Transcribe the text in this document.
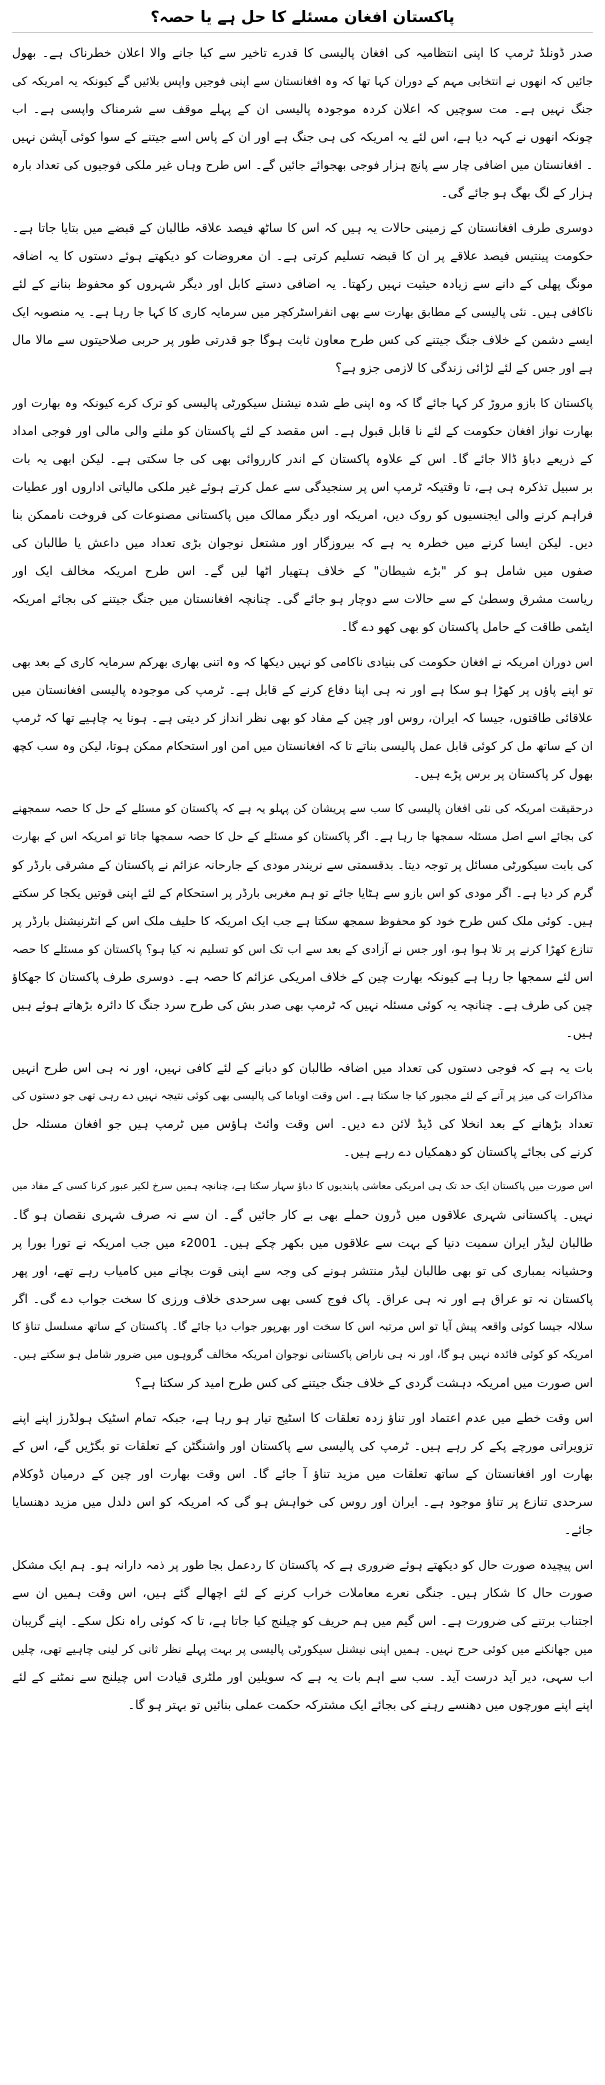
پاکستان افغان مسئلے کا حل ہے یا حصہ؟
صدر ڈونلڈ ٹرمپ کا اپنی انتظامیہ کی افغان پالیسی کا قدرے تاخیر سے کیا جانے والا اعلان خطرناک ہے۔ بھول
جائیں کہ انھوں نے انتخابی مہم کے دوران کہا تھا کہ وہ افغانستان سے اپنی فوجیں واپس بلائیں گے کیونکہ یہ امریکہ کی
جنگ نہیں ہے۔ مت سوچیں کہ اعلان کردہ موجودہ پالیسی ان کے پہلے موقف سے شرمناک واپسی ہے۔ اب
چونکہ انھوں نے کہہ دیا ہے، اس لئے یہ امریکہ کی ہی جنگ ہے اور ان کے پاس اسے جیتنے کے سوا کوئی آپشن نہیں
۔ افغانستان میں اضافی چار سے پانچ ہزار فوجی بھجوائے جائیں گے۔ اس طرح وہاں غیر ملکی فوجیوں کی تعداد بارہ
ہزار کے لگ بھگ ہو جائے گی۔
دوسری طرف افغانستان کے زمینی حالات یہ ہیں کہ اس کا ساٹھ فیصد علاقہ طالبان کے قبضے میں بتایا جاتا ہے۔
حکومت پینتیس فیصد علاقے پر ان کا قبضہ تسلیم کرتی ہے۔ ان معروضات کو دیکھتے ہوئے دستوں کا یہ اضافہ
مونگ پھلی کے دانے سے زیادہ حیثیت نہیں رکھتا۔ یہ اضافی دستے کابل اور دیگر شہروں کو محفوظ بنانے کے لئے
ناکافی ہیں۔ نئی پالیسی کے مطابق بھارت سے بھی انفراسٹرکچر میں سرمایہ کاری کا کہا جا رہا ہے۔ یہ منصوبہ ایک
ایسے دشمن کے خلاف جنگ جیتنے کی کس طرح معاون ثابت ہوگا جو قدرتی طور پر حربی صلاحیتوں سے مالا مال
ہے اور جس کے لئے لڑائی زندگی کا لازمی جزو ہے؟
پاکستان کا بازو مروڑ کر کہا جائے گا کہ وہ اپنی طے شدہ نیشنل سیکورٹی پالیسی کو ترک کرے کیونکہ وہ بھارت اور
بھارت نواز افغان حکومت کے لئے نا قابل قبول ہے۔ اس مقصد کے لئے پاکستان کو ملنے والی مالی اور فوجی امداد
کے ذریعے دباؤ ڈالا جائے گا۔ اس کے علاوہ پاکستان کے اندر کارروائی بھی کی جا سکتی ہے۔ لیکن ابھی یہ بات
بر سبیل تذکرہ ہی ہے، تا وقتیکہ ٹرمپ اس پر سنجیدگی سے عمل کرتے ہوئے غیر ملکی مالیاتی اداروں اور عطیات
فراہم کرنے والی ایجنسیوں کو روک دیں، امریکہ اور دیگر ممالک میں پاکستانی مصنوعات کی فروخت ناممکن بنا
دیں۔ لیکن ایسا کرنے میں خطرہ یہ ہے کہ بیروزگار اور مشتعل نوجوان بڑی تعداد میں داعش یا طالبان کی
صفوں میں شامل ہو کر "بڑے شیطان" کے خلاف ہتھیار اٹھا لیں گے۔ اس طرح امریکہ مخالف ایک اور
ریاست مشرق وسطیٰ کے سے حالات سے دوچار ہو جائے گی۔ چنانچہ افغانستان میں جنگ جیتنے کی بجائے امریکہ
ایٹمی طاقت کے حامل پاکستان کو بھی کھو دے گا۔
اس دوران امریکہ نے افغان حکومت کی بنیادی ناکامی کو نہیں دیکھا کہ وہ اتنی بھاری بھرکم سرمایہ کاری کے بعد بھی
تو اپنے پاؤں پر کھڑا ہو سکا ہے اور نہ ہی اپنا دفاع کرنے کے قابل ہے۔ ٹرمپ کی موجودہ پالیسی افغانستان میں
علاقائی طاقتوں، جیسا کہ ایران، روس اور چین کے مفاد کو بھی نظر انداز کر دیتی ہے۔ ہونا یہ چاہیے تھا کہ ٹرمپ
ان کے ساتھ مل کر کوئی قابل عمل پالیسی بناتے تا کہ افغانستان میں امن اور استحکام ممکن ہوتا، لیکن وہ سب کچھ
بھول کر پاکستان پر برس پڑے ہیں۔
درحقیقت امریکہ کی نئی افغان پالیسی کا سب سے پریشان کن پہلو یہ ہے کہ پاکستان کو مسئلے کے حل کا حصہ سمجھنے
کی بجائے اسے اصل مسئلہ سمجھا جا رہا ہے۔ اگر پاکستان کو مسئلے کے حل کا حصہ سمجھا جاتا تو امریکہ اس کے بھارت
کی بابت سیکورٹی مسائل پر توجہ دیتا۔ بدقسمتی سے نریندر مودی کے جارحانہ عزائم نے پاکستان کے مشرقی بارڈر کو
گرم کر دیا ہے۔ اگر مودی کو اس بازو سے ہٹایا جائے تو ہم مغربی بارڈر پر استحکام کے لئے اپنی قوتیں یکجا کر سکتے
ہیں۔ کوئی ملک کس طرح خود کو محفوظ سمجھ سکتا ہے جب ایک امریکہ کا حلیف ملک اس کے انٹرنیشنل بارڈر پر
تنازع کھڑا کرنے پر تلا ہوا ہو، اور جس نے آزادی کے بعد سے اب تک اس کو تسلیم نہ کیا ہو؟ پاکستان کو مسئلے کا حصہ
اس لئے سمجھا جا رہا ہے کیونکہ بھارت چین کے خلاف امریکی عزائم کا حصہ ہے۔ دوسری طرف پاکستان کا جھکاؤ
چین کی طرف ہے۔ چنانچہ یہ کوئی مسئلہ نہیں کہ ٹرمپ بھی صدر بش کی طرح سرد جنگ کا دائرہ بڑھاتے ہوئے ہیں
ہیں۔
بات یہ ہے کہ فوجی دستوں کی تعداد میں اضافہ طالبان کو دبانے کے لئے کافی نہیں، اور نہ ہی اس طرح انہیں
مذاکرات کی میز پر آنے کے لئے مجبور کیا جا سکتا ہے۔ اس وقت اوباما کی پالیسی بھی کوئی نتیجہ نہیں دے رہی تھی جو دستوں کی
تعداد بڑھانے کے بعد انخلا کی ڈیڈ لائن دے دیں۔ اس وقت وائٹ ہاؤس میں ٹرمپ ہیں جو افغان مسئلہ حل
کرنے کی بجائے پاکستان کو دھمکیاں دے رہے ہیں۔
اس صورت میں پاکستان ایک حد تک ہی امریکی معاشی پابندیوں کا دباؤ سہار سکتا ہے، چنانچہ ہمیں سرخ لکیر عبور کرنا کسی کے مفاد میں
نہیں۔ پاکستانی شہری علاقوں میں ڈرون حملے بھی بے کار جائیں گے۔ ان سے نہ صرف شہری نقصان ہو گا۔
طالبان لیڈر ایران سمیت دنیا کے بہت سے علاقوں میں بکھر چکے ہیں۔ 2001ء میں جب امریکہ نے تورا بورا پر
وحشیانہ بمباری کی تو بھی طالبان لیڈر منتشر ہونے کی وجہ سے اپنی قوت بچانے میں کامیاب رہے تھے، اور پھر
پاکستان نہ تو عراق ہے اور نہ ہی عراق۔ پاک فوج کسی بھی سرحدی خلاف ورزی کا سخت جواب دے گی۔ اگر
سلالہ جیسا کوئی واقعہ پیش آیا تو اس مرتبہ اس کا سخت اور بھرپور جواب دیا جائے گا۔ پاکستان کے ساتھ مسلسل تناؤ کا
امریکہ کو کوئی فائدہ نہیں ہو گا، اور نہ ہی ناراض پاکستانی نوجوان امریکہ مخالف گروہوں میں ضرور شامل ہو سکتے ہیں۔
اس صورت میں امریکہ دہشت گردی کے خلاف جنگ جیتنے کی کس طرح امید کر سکتا ہے؟
اس وقت خطے میں عدم اعتماد اور تناؤ زدہ تعلقات کا اسٹیج تیار ہو رہا ہے، جبکہ تمام اسٹیک ہولڈرز اپنے اپنے
تزویراتی مورچے پکے کر رہے ہیں۔ ٹرمپ کی پالیسی سے پاکستان اور واشنگٹن کے تعلقات تو بگڑیں گے، اس کے
بھارت اور افغانستان کے ساتھ تعلقات میں مزید تناؤ آ جائے گا۔ اس وقت بھارت اور چین کے درمیان ڈوکلام
سرحدی تنازع پر تناؤ موجود ہے۔ ایران اور روس کی خواہش ہو گی کہ امریکہ کو اس دلدل میں مزید دھنسایا
جائے۔
اس پیچیدہ صورت حال کو دیکھتے ہوئے ضروری ہے کہ پاکستان کا ردعمل بجا طور پر ذمہ دارانہ ہو۔ ہم ایک مشکل
صورت حال کا شکار ہیں۔ جنگی نعرے معاملات خراب کرنے کے لئے اچھالے گئے ہیں، اس وقت ہمیں ان سے
اجتناب برتنے کی ضرورت ہے۔ اس گیم میں ہم حریف کو چیلنج کیا جاتا ہے، تا کہ کوئی راہ نکل سکے۔ اپنے گریبان
میں جھانکنے میں کوئی حرج نہیں۔ ہمیں اپنی نیشنل سیکورٹی پالیسی پر بہت پہلے نظر ثانی کر لینی چاہیے تھی، چلیں
اب سہی، دیر آید درست آید۔ سب سے اہم بات یہ ہے کہ سویلین اور ملٹری قیادت اس چیلنج سے نمٹنے کے لئے
اپنے اپنے مورچوں میں دھنسے رہنے کی بجائے ایک مشترکہ حکمت عملی بنائیں تو بہتر ہو گا۔
